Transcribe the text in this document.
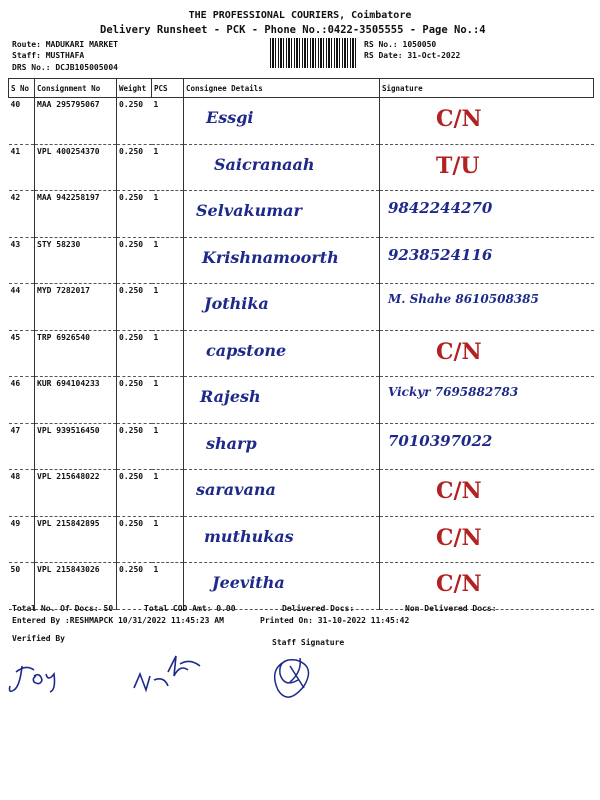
THE PROFESSIONAL COURIERS, Coimbatore
Delivery Runsheet - PCK - Phone No.:0422-3505555 - Page No.:4
Route: MADUKARI MARKET
Staff: MUSTHAFA
DRS No.: DCJB105005004
RS No.: 1050050
RS Date: 31-Oct-2022
S No	Consignment No	Weight	PCS	Consignee Details	Signature
40	MAA 295795067	0.250	1	Essgi	C/N

41	VPL 400254370	0.250	1	Saicranaah	T/U

42	MAA 942258197	0.250	1	Selvakumar	9842244270

43	STY 58230	0.250	1	Krishnamoorth	9238524116

44	MYD 7282017	0.250	1	Jothika	M. Shahe 8610508385

45	TRP 6926540	0.250	1	capstone	C/N

46	KUR 694104233	0.250	1	Rajesh	Vickyr 7695882783

47	VPL 939516450	0.250	1	sharp	7010397022

48	VPL 215648022	0.250	1	saravana	C/N

49	VPL 215842895	0.250	1	muthukas	C/N

50	VPL 215843026	0.250	1	Jeevitha	C/N
Total No. Of Docs: 50	Total COD Amt: 0.00	Delivered Docs:	Non Delivered Docs:
Entered By :RESHMAPCK 10/31/2022 11:45:23 AM	Printed On: 31-10-2022 11:45:42
Verified By	Staff Signature
